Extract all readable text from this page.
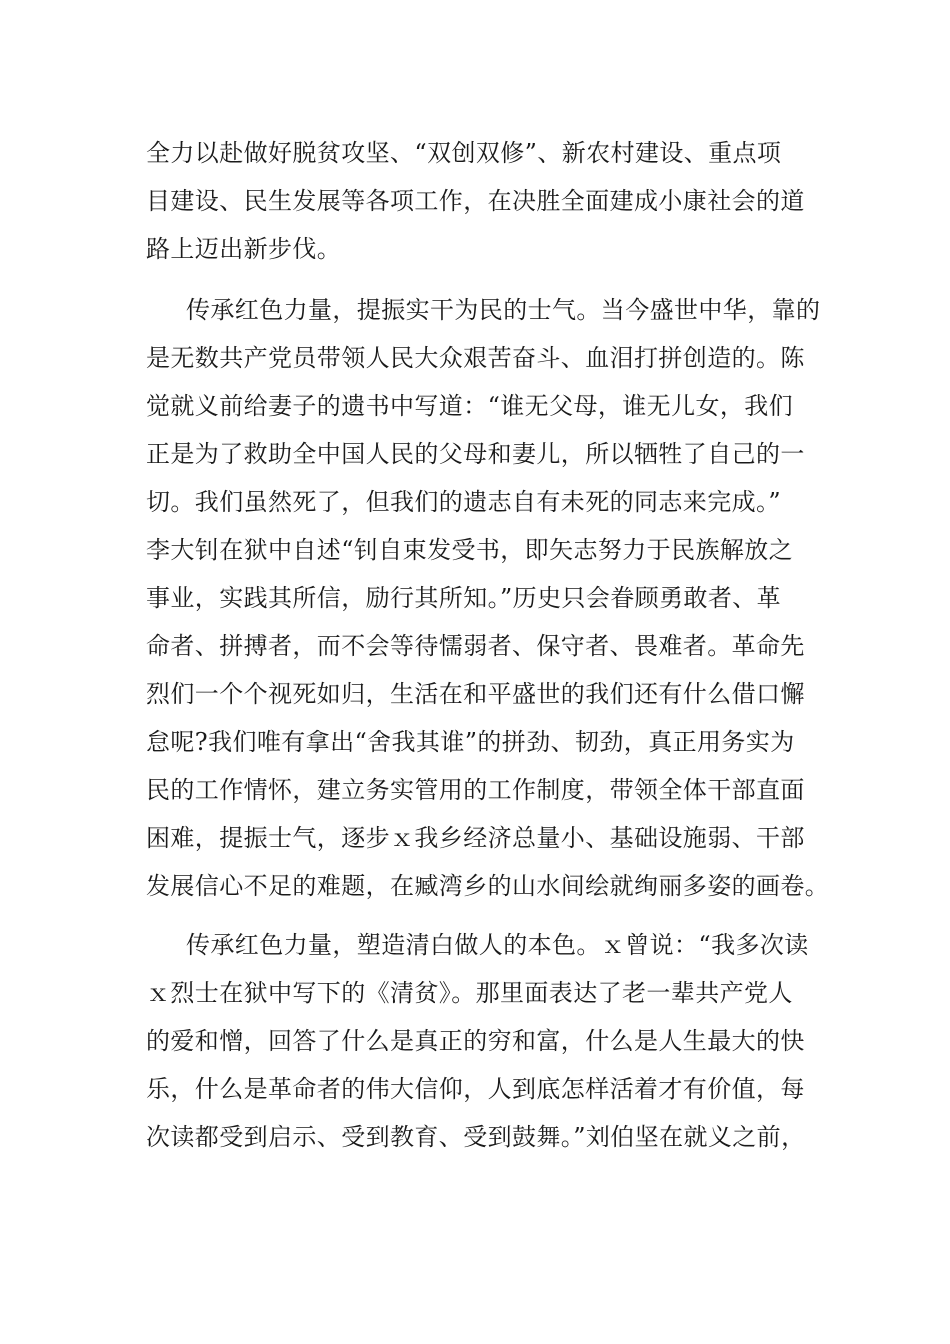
全力以赴做好脱贫攻坚、“双创双修”、新农村建设、重点项
目建设、民生发展等各项工作，在决胜全面建成小康社会的道
路上迈出新步伐。
传承红色力量，提振实干为民的士气。当今盛世中华，靠的
是无数共产党员带领人民大众艰苦奋斗、血泪打拼创造的。陈
觉就义前给妻子的遗书中写道：“谁无父母，谁无儿女，我们
正是为了救助全中国人民的父母和妻儿，所以牺牲了自己的一
切。我们虽然死了，但我们的遗志自有未死的同志来完成。”
李大钊在狱中自述“钊自束发受书，即矢志努力于民族解放之
事业，实践其所信，励行其所知。”历史只会眷顾勇敢者、革
命者、拼搏者，而不会等待懦弱者、保守者、畏难者。革命先
烈们一个个视死如归，生活在和平盛世的我们还有什么借口懈
怠呢?我们唯有拿出“舍我其谁”的拼劲、韧劲，真正用务实为
民的工作情怀，建立务实管用的工作制度，带领全体干部直面
困难，提振士气，逐步ｘ我乡经济总量小、基础设施弱、干部
发展信心不足的难题，在臧湾乡的山水间绘就绚丽多姿的画卷。
传承红色力量，塑造清白做人的本色。ｘ曾说：“我多次读
ｘ烈士在狱中写下的《清贫》。那里面表达了老一辈共产党人
的爱和憎，回答了什么是真正的穷和富，什么是人生最大的快
乐，什么是革命者的伟大信仰，人到底怎样活着才有价值，每
次读都受到启示、受到教育、受到鼓舞。”刘伯坚在就义之前，
